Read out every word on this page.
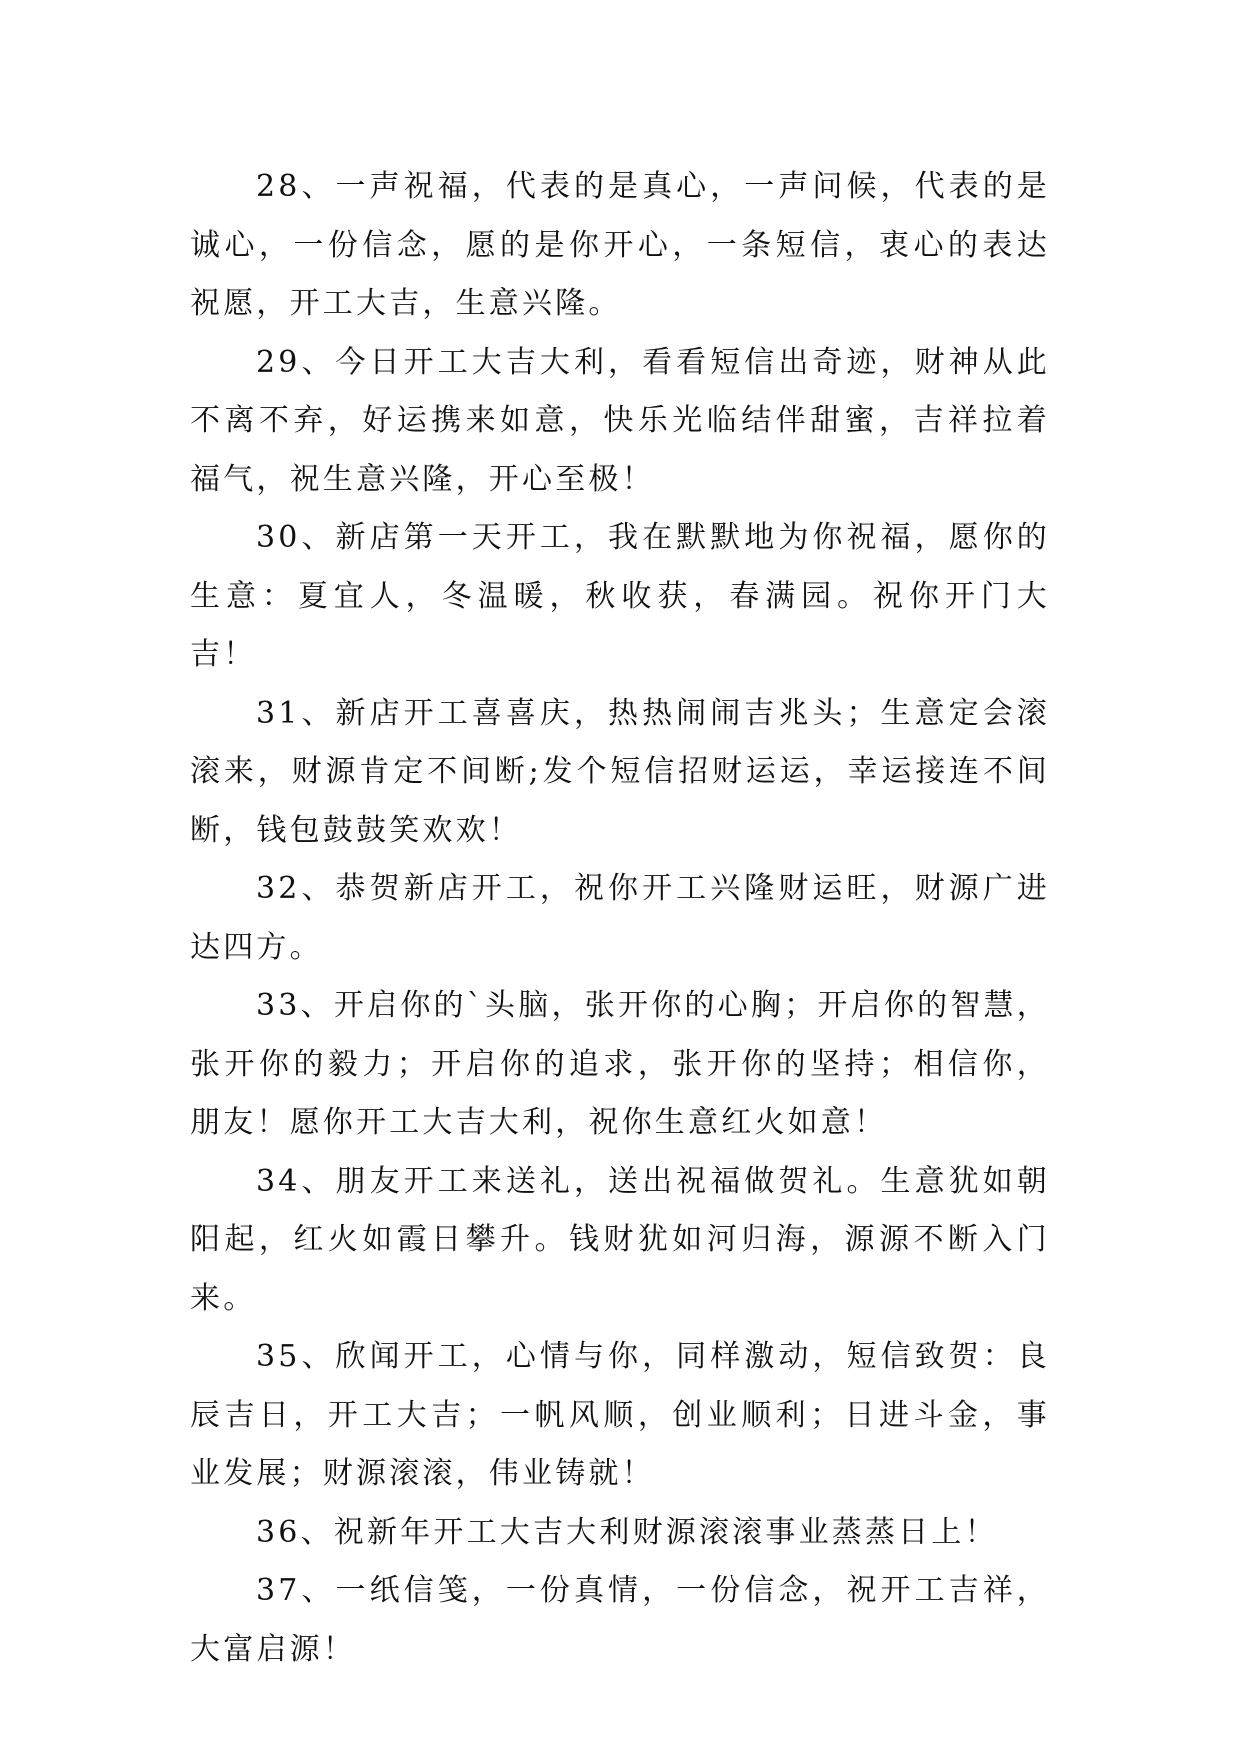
28、一声祝福，代表的是真心，一声问候，代表的是诚心，一份信念，愿的是你开心，一条短信，衷心的表达祝愿，开工大吉，生意兴隆。

29、今日开工大吉大利，看看短信出奇迹，财神从此不离不弃，好运携来如意，快乐光临结伴甜蜜，吉祥拉着福气，祝生意兴隆，开心至极！

30、新店第一天开工，我在默默地为你祝福，愿你的生意：夏宜人，冬温暖，秋收获，春满园。祝你开门大吉！

31、新店开工喜喜庆，热热闹闹吉兆头；生意定会滚滚来，财源肯定不间断;发个短信招财运运，幸运接连不间断，钱包鼓鼓笑欢欢！

32、恭贺新店开工，祝你开工兴隆财运旺，财源广进达四方。

33、开启你的`头脑，张开你的心胸；开启你的智慧，张开你的毅力；开启你的追求，张开你的坚持；相信你，朋友！愿你开工大吉大利，祝你生意红火如意！

34、朋友开工来送礼，送出祝福做贺礼。生意犹如朝阳起，红火如霞日攀升。钱财犹如河归海，源源不断入门来。

35、欣闻开工，心情与你，同样激动，短信致贺：良辰吉日，开工大吉；一帆风顺，创业顺利；日进斗金，事业发展；财源滚滚，伟业铸就！

36、祝新年开工大吉大利财源滚滚事业蒸蒸日上！

37、一纸信笺，一份真情，一份信念，祝开工吉祥，大富启源！
